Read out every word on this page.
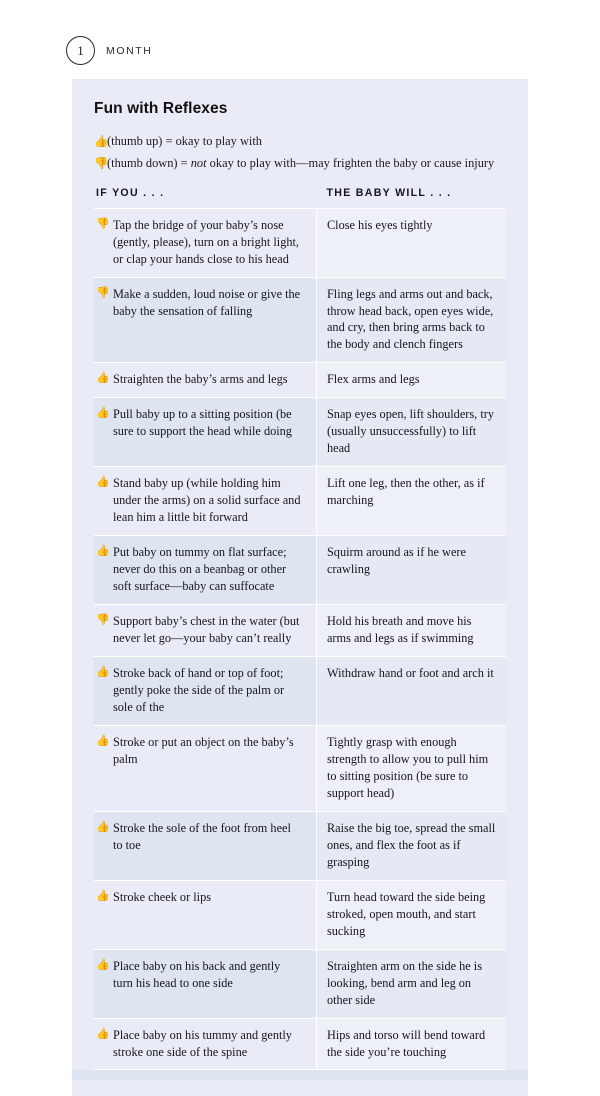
1	MONTH
Fun with Reflexes
👍(thumb up) = okay to play with
👎(thumb down) = not okay to play with—may frighten the baby or cause injury
IF YOU . . .	THE BABY WILL . . .

👎 Tap the bridge of your baby’s nose (gently, please), turn on a bright light, or clap your hands close to his head	Close his eyes tightly

👎 Make a sudden, loud noise or give the baby the sensation of falling	Fling legs and arms out and back, throw head back, open eyes wide, and cry, then bring arms back to the body and clench fingers

👍 Straighten the baby’s arms and legs	Flex arms and legs

👍 Pull baby up to a sitting position (be sure to support the head while doing	Snap eyes open, lift shoulders, try (usually unsuccessfully) to lift head

👍 Stand baby up (while holding him under the arms) on a solid surface and lean him a little bit forward	Lift one leg, then the other, as if marching

👍 Put baby on tummy on flat surface; never do this on a beanbag or other soft surface—baby can suffocate	Squirm around as if he were crawling

👎 Support baby’s chest in the water (but never let go—your baby can’t really	Hold his breath and move his arms and legs as if swimming

👍 Stroke back of hand or top of foot; gently poke the side of the palm or sole of the	Withdraw hand or foot and arch it

👍 Stroke or put an object on the baby’s palm	Tightly grasp with enough strength to allow you to pull him to sitting position (be sure to support head)

👍 Stroke the sole of the foot from heel to toe	Raise the big toe, spread the small ones, and flex the foot as if grasping

👍 Stroke cheek or lips	Turn head toward the side being stroked, open mouth, and start sucking

👍 Place baby on his back and gently turn his head to one side	Straighten arm on the side he is looking, bend arm and leg on other side

👍 Place baby on his tummy and gently stroke one side of the spine	Hips and torso will bend toward the side you’re touching
